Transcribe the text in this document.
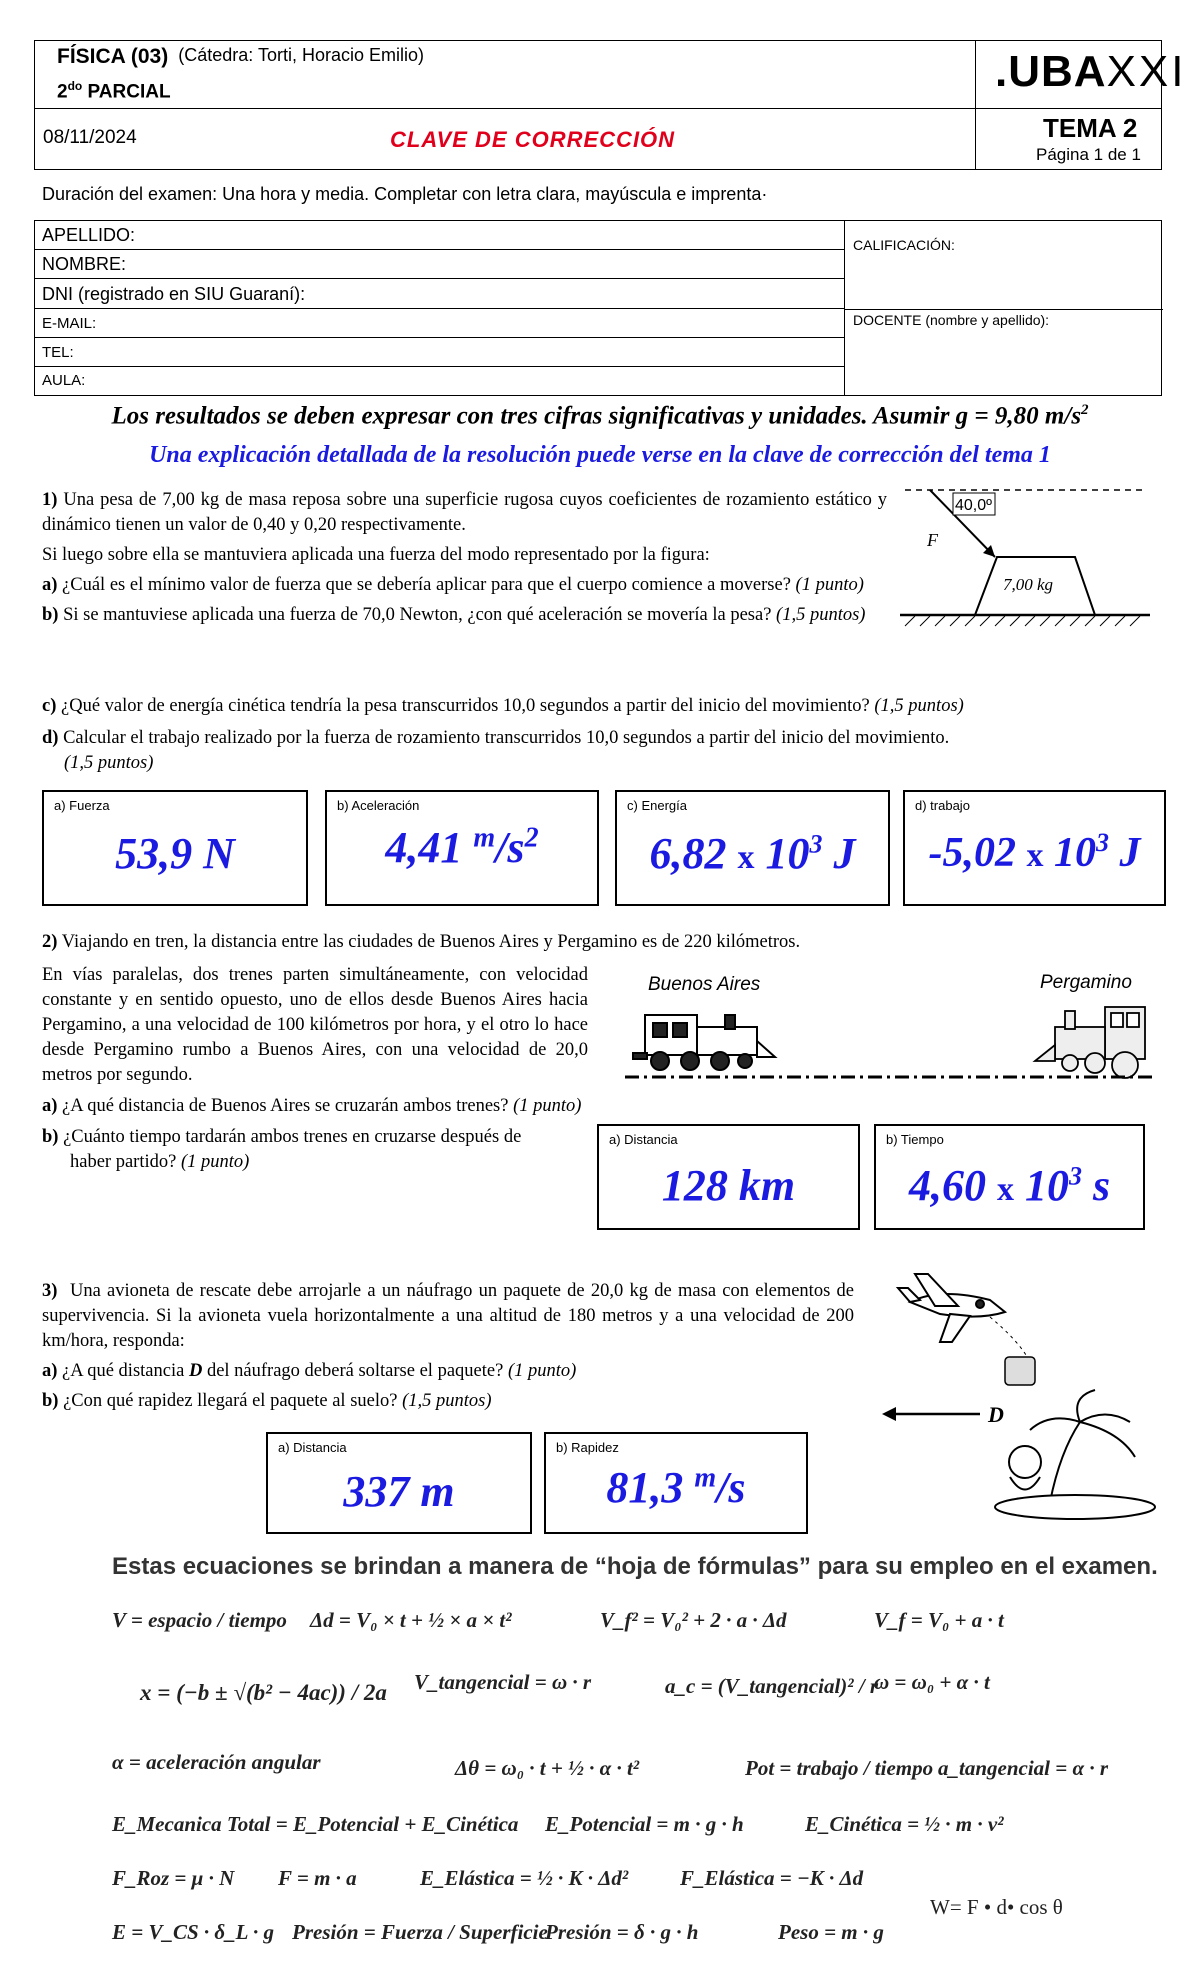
FÍSICA (03) (Cátedra: Torti, Horacio Emilio)
$2^{do}$ PARCIAL	.UBAXXI
08/11/2024	CLAVE DE CORRECCIÓN	TEMA 2
Página 1 de 1
Duración del examen: Una hora y media. Completar con letra clara, mayúscula e imprenta·
APELLIDO:
NOMBRE:
DNI (registrado en SIU Guaraní):
E-MAIL:
TEL:
AULA:
CALIFICACIÓN:
DOCENTE (nombre y apellido):
Los resultados se deben expresar con tres cifras significativas y unidades. Asumir g = 9,80 $m/s^2$
Una explicación detallada de la resolución puede verse en la clave de corrección del tema 1
1) Una pesa de 7,00 kg de masa reposa sobre una superficie rugosa cuyos coeficientes de rozamiento estático y dinámico tienen un valor de 0,40 y 0,20 respectivamente.
Si luego sobre ella se mantuviera aplicada una fuerza del modo representado por la figura:
a) ¿Cuál es el mínimo valor de fuerza que se debería aplicar para que el cuerpo comience a moverse? (1 punto)
b) Si se mantuviese aplicada una fuerza de 70,0 Newton, ¿con qué aceleración se movería la pesa? (1,5 puntos)
c) ¿Qué valor de energía cinética tendría la pesa transcurridos 10,0 segundos a partir del inicio del movimiento? (1,5 puntos)
d) Calcular el trabajo realizado por la fuerza de rozamiento transcurridos 10,0 segundos a partir del inicio del movimiento.
(1,5 puntos)
40,0º
F
7,00 kg
a) Fuerza
53,9 N
b) Aceleración
4,41 $^m/s^2$
c) Energía
6,82 x $10^3$ J
d) trabajo
-5,02 x $10^3$ J
2) Viajando en tren, la distancia entre las ciudades de Buenos Aires y Pergamino es de 220 kilómetros.
En vías paralelas, dos trenes parten simultáneamente, con velocidad constante y en sentido opuesto, uno de ellos desde Buenos Aires hacia Pergamino, a una velocidad de 100 kilómetros por hora, y el otro lo hace desde Pergamino rumbo a Buenos Aires, con una velocidad de 20,0 metros por segundo.
a) ¿A qué distancia de Buenos Aires se cruzarán ambos trenes? (1 punto)
b) ¿Cuánto tiempo tardarán ambos trenes en cruzarse después de haber partido? (1 punto)
Buenos Aires	Pergamino
a) Distancia
128 km
b) Tiempo
4,60 x $10^3$ s
3) Una avioneta de rescate debe arrojarle a un náufrago un paquete de 20,0 kg de masa con elementos de supervivencia. Si la avioneta vuela horizontalmente a una altitud de 180 metros y a una velocidad de 200 km/hora, responda:
a) ¿A qué distancia D del náufrago deberá soltarse el paquete? (1 punto)
b) ¿Con qué rapidez llegará el paquete al suelo? (1,5 puntos)
D
a) Distancia
337 m
b) Rapidez
81,3 $^m$/s
Estas ecuaciones se brindan a manera de “hoja de fórmulas” para su empleo en el examen.
V = espacio / tiempo Δd = V₀ × t + ½ × a × t²	V_f² = V₀² + 2 · a · Δd	V_f = V₀ + a · t
x = (−b ± √(b² − 4ac)) / 2a V_tangencial = ω · r	a_c = (V_tangencial)² / r
ω = ω₀ + α · t
α = aceleración angular	Δθ = ω₀ · t + ½ · α · t²	Pot = trabajo / tiempo a_tangencial = α · r
E_Mecanica Total = E_Potencial + E_Cinética E_Potencial = m · g · h	E_Cinética = ½ · m · v²
F_Roz = μ · N F = m · a	E_Elástica = ½ · K · Δd² F_Elástica = −K · Δd
E = V_CS · δ_L · g Presión = Fuerza / Superficie
Presión = δ · g · h	Peso = m · g
W= F • d• cos θ
